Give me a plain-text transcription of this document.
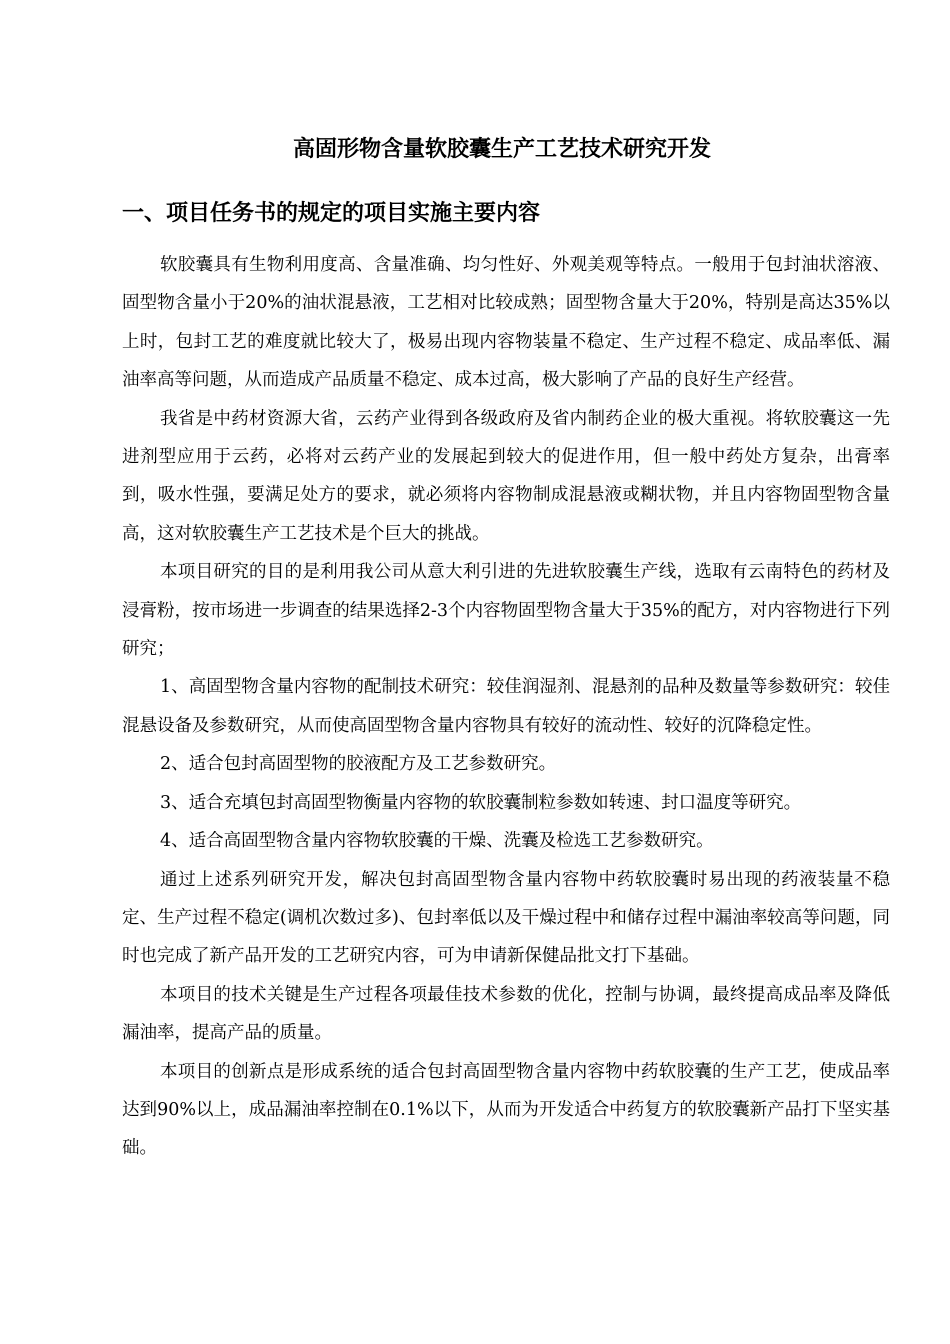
高固形物含量软胶囊生产工艺技术研究开发
一、项目任务书的规定的项目实施主要内容

软胶囊具有生物利用度高、含量准确、均匀性好、外观美观等特点。一般用于包封油状溶液、固型物含量小于20%的油状混悬液，工艺相对比较成熟；固型物含量大于20%，特别是高达35%以上时，包封工艺的难度就比较大了，极易出现内容物装量不稳定、生产过程不稳定、成品率低、漏油率高等问题，从而造成产品质量不稳定、成本过高，极大影响了产品的良好生产经营。

我省是中药材资源大省，云药产业得到各级政府及省内制药企业的极大重视。将软胶囊这一先进剂型应用于云药，必将对云药产业的发展起到较大的促进作用，但一般中药处方复杂，出膏率到，吸水性强，要满足处方的要求，就必须将内容物制成混悬液或糊状物，并且内容物固型物含量高，这对软胶囊生产工艺技术是个巨大的挑战。

本项目研究的目的是利用我公司从意大利引进的先进软胶囊生产线，选取有云南特色的药材及浸膏粉，按市场进一步调查的结果选择2-3个内容物固型物含量大于35%的配方，对内容物进行下列研究；

1、高固型物含量内容物的配制技术研究：较佳润湿剂、混悬剂的品种及数量等参数研究：较佳混悬设备及参数研究，从而使高固型物含量内容物具有较好的流动性、较好的沉降稳定性。

2、适合包封高固型物的胶液配方及工艺参数研究。

3、适合充填包封高固型物衡量内容物的软胶囊制粒参数如转速、封口温度等研究。

4、适合高固型物含量内容物软胶囊的干燥、洗囊及检选工艺参数研究。

通过上述系列研究开发，解决包封高固型物含量内容物中药软胶囊时易出现的药液装量不稳定、生产过程不稳定(调机次数过多)、包封率低以及干燥过程中和储存过程中漏油率较高等问题，同时也完成了新产品开发的工艺研究内容，可为申请新保健品批文打下基础。

本项目的技术关键是生产过程各项最佳技术参数的优化，控制与协调，最终提高成品率及降低漏油率，提高产品的质量。

本项目的创新点是形成系统的适合包封高固型物含量内容物中药软胶囊的生产工艺，使成品率达到90%以上，成品漏油率控制在0.1%以下，从而为开发适合中药复方的软胶囊新产品打下坚实基础。
